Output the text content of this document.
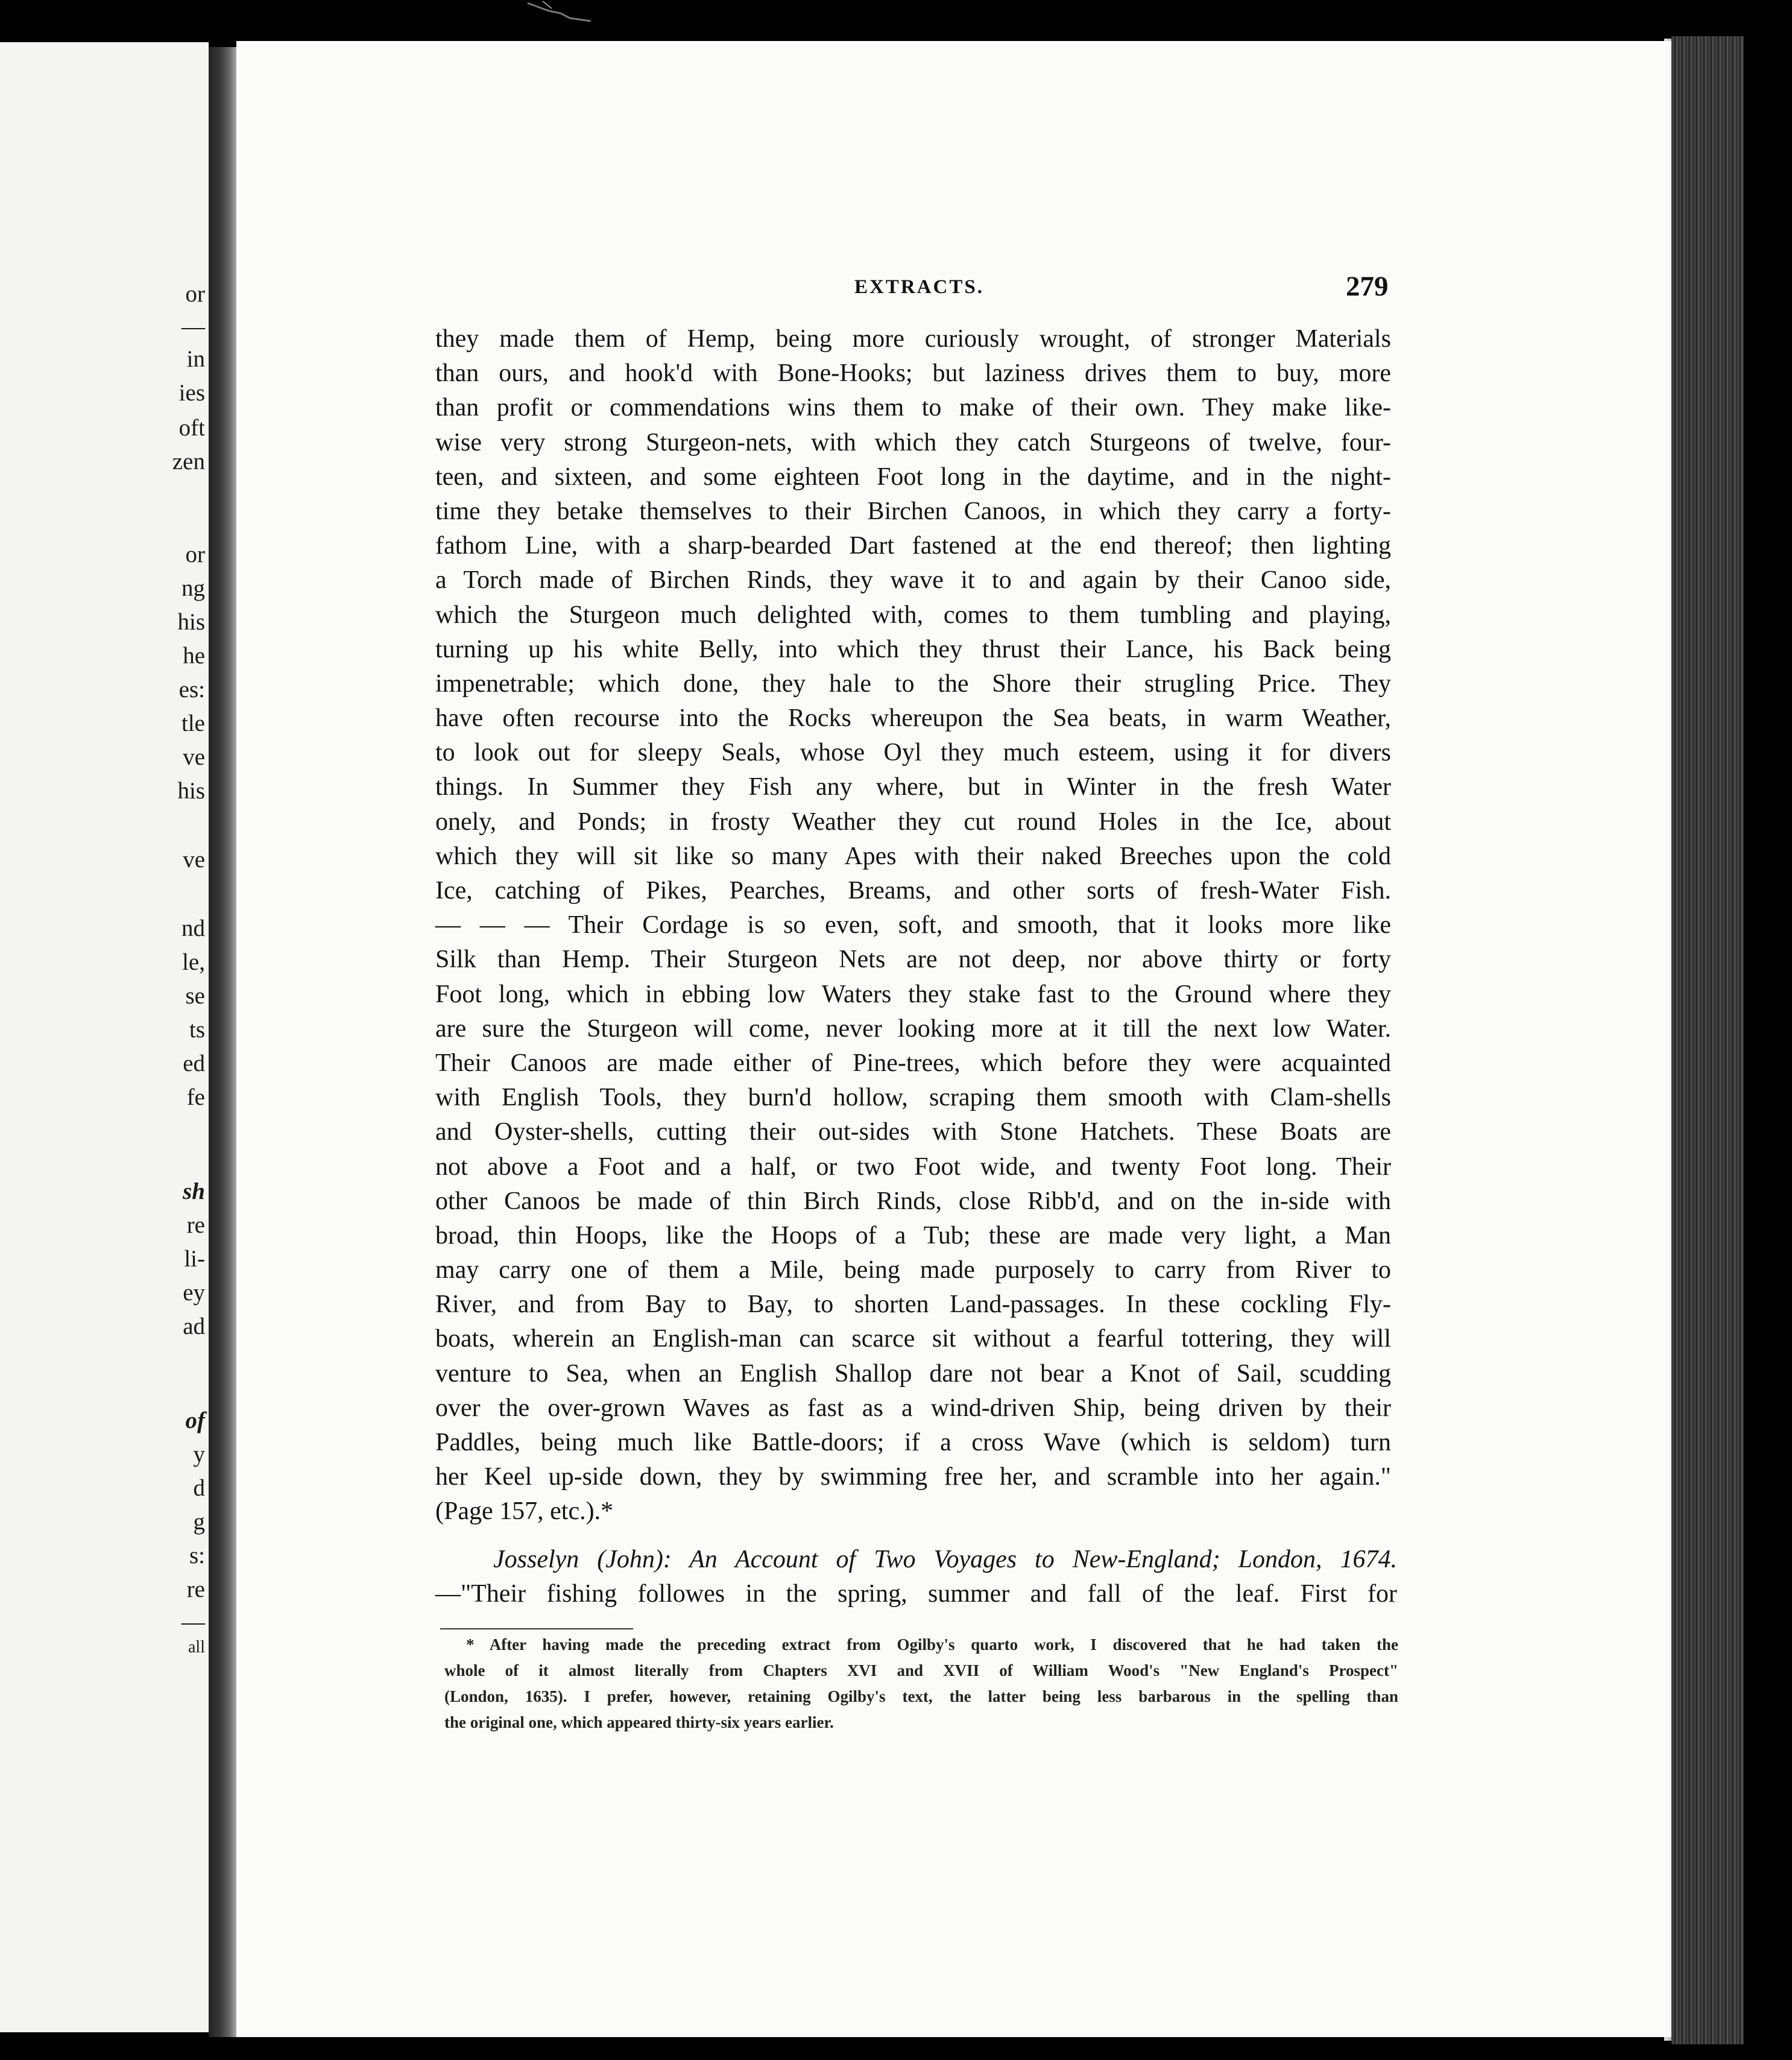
or
—
in
ies
oft
zen
or
ng
his
he
es:
tle
ve
his
ve
nd
le,
se
ts
ed
fe
sh
re
li-
ey
ad
of
y
d
g
s:
re
—
all
EXTRACTS.	279
they made them of Hemp, being more curiously wrought, of stronger Materials
than ours, and hook'd with Bone-Hooks; but laziness drives them to buy, more
than profit or commendations wins them to make of their own. They make like-
wise very strong Sturgeon-nets, with which they catch Sturgeons of twelve, four-
teen, and sixteen, and some eighteen Foot long in the daytime, and in the night-
time they betake themselves to their Birchen Canoos, in which they carry a forty-
fathom Line, with a sharp-bearded Dart fastened at the end thereof; then lighting
a Torch made of Birchen Rinds, they wave it to and again by their Canoo side,
which the Sturgeon much delighted with, comes to them tumbling and playing,
turning up his white Belly, into which they thrust their Lance, his Back being
impenetrable; which done, they hale to the Shore their strugling Price. They
have often recourse into the Rocks whereupon the Sea beats, in warm Weather,
to look out for sleepy Seals, whose Oyl they much esteem, using it for divers
things. In Summer they Fish any where, but in Winter in the fresh Water
onely, and Ponds; in frosty Weather they cut round Holes in the Ice, about
which they will sit like so many Apes with their naked Breeches upon the cold
Ice, catching of Pikes, Pearches, Breams, and other sorts of fresh-Water Fish.
— — — Their Cordage is so even, soft, and smooth, that it looks more like
Silk than Hemp. Their Sturgeon Nets are not deep, nor above thirty or forty
Foot long, which in ebbing low Waters they stake fast to the Ground where they
are sure the Sturgeon will come, never looking more at it till the next low Water.
Their Canoos are made either of Pine-trees, which before they were acquainted
with English Tools, they burn'd hollow, scraping them smooth with Clam-shells
and Oyster-shells, cutting their out-sides with Stone Hatchets. These Boats are
not above a Foot and a half, or two Foot wide, and twenty Foot long. Their
other Canoos be made of thin Birch Rinds, close Ribb'd, and on the in-side with
broad, thin Hoops, like the Hoops of a Tub; these are made very light, a Man
may carry one of them a Mile, being made purposely to carry from River to
River, and from Bay to Bay, to shorten Land-passages. In these cockling Fly-
boats, wherein an English-man can scarce sit without a fearful tottering, they will
venture to Sea, when an English Shallop dare not bear a Knot of Sail, scudding
over the over-grown Waves as fast as a wind-driven Ship, being driven by their
Paddles, being much like Battle-doors; if a cross Wave (which is seldom) turn
her Keel up-side down, they by swimming free her, and scramble into her again."
(Page 157, etc.).*
Josselyn (John): An Account of Two Voyages to New-England; London, 1674.
—"Their fishing followes in the spring, summer and fall of the leaf. First for
* After having made the preceding extract from Ogilby's quarto work, I discovered that he had taken the
whole of it almost literally from Chapters XVI and XVII of William Wood's "New England's Prospect"
(London, 1635). I prefer, however, retaining Ogilby's text, the latter being less barbarous in the spelling than
the original one, which appeared thirty-six years earlier.
